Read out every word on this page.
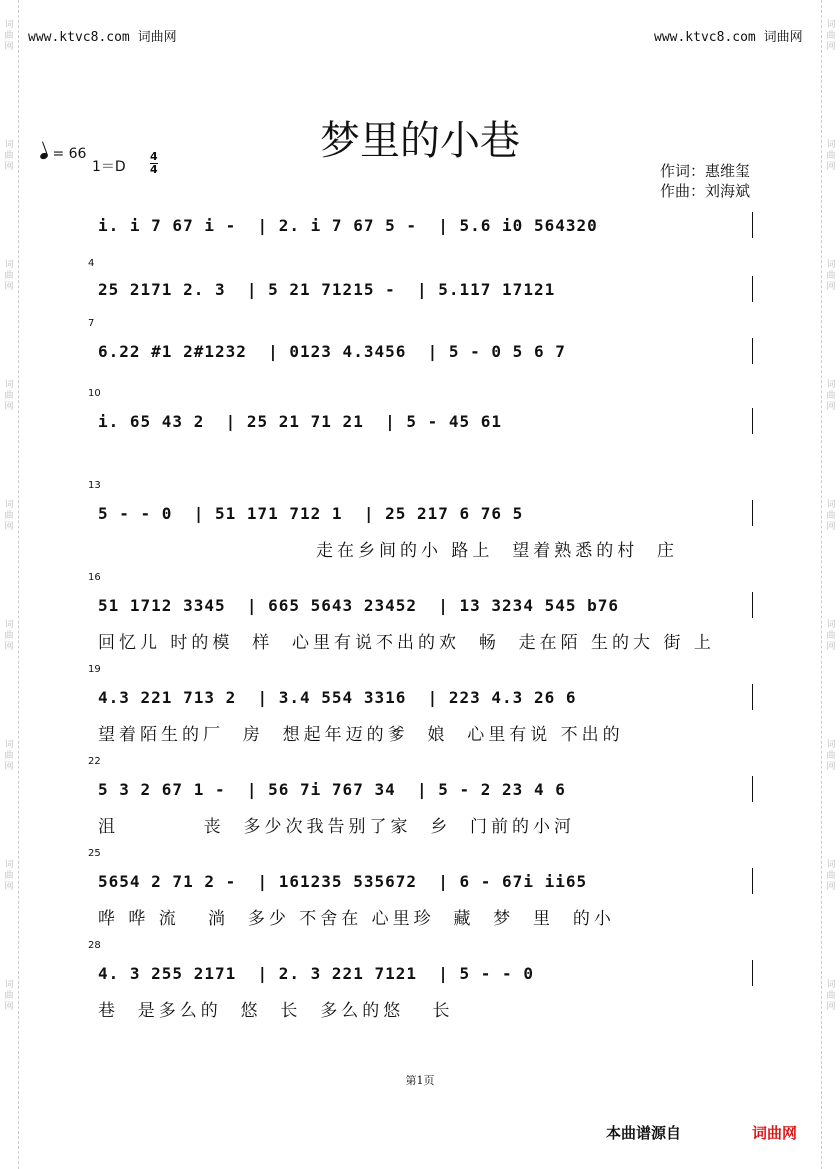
词曲网
词曲网
词曲网
词曲网
词曲网
词曲网
词曲网
词曲网
词曲网
词曲网
词曲网
词曲网
词曲网
词曲网
词曲网
词曲网
词曲网
词曲网
www.ktvc8.com 词曲网	www.ktvc8.com 词曲网
梦里的小巷
= 66
1＝D
4
4	作词：惠维玺
作曲：刘海斌
i. i 7 67 i -  | 2. i 7 67 5 -  | 5.6 i0 564320
4
25 2171 2. 3  | 5 21 71215 -  | 5.117 17121
7
6.22 #1 2#1232  | 0123 4.3456  | 5 - 0 5 6 7
10
i. 65 43 2  | 25 21 71 21  | 5 - 45 61
13
5 - - 0  | 51 171 712 1  | 25 217 6 76 5
走在乡间的小 路上  望着熟悉的村  庄
16
51 1712 3345  | 665 5643 23452  | 13 3234 545 b76
回忆儿 时的模  样  心里有说不出的欢  畅  走在陌 生的大 街 上
19
4.3 221 713 2  | 3.4 554 3316  | 223 4.3 26 6
望着陌生的厂  房  想起年迈的爹  娘  心里有说 不出的
22
5 3 2 67 1 -  | 56 7i 767 34  | 5 - 2 23 4 6
沮         丧  多少次我告别了家  乡  门前的小河
25
5654 2 71 2 -  | 161235 535672  | 6 - 67i ii65
哗 哗 流   淌  多少 不舍在 心里珍  藏  梦  里  的小
28
4. 3 255 2171  | 2. 3 221 7121  | 5 - - 0
巷  是多么的  悠  长  多么的悠   长
第1页
本曲谱源自	词曲网
